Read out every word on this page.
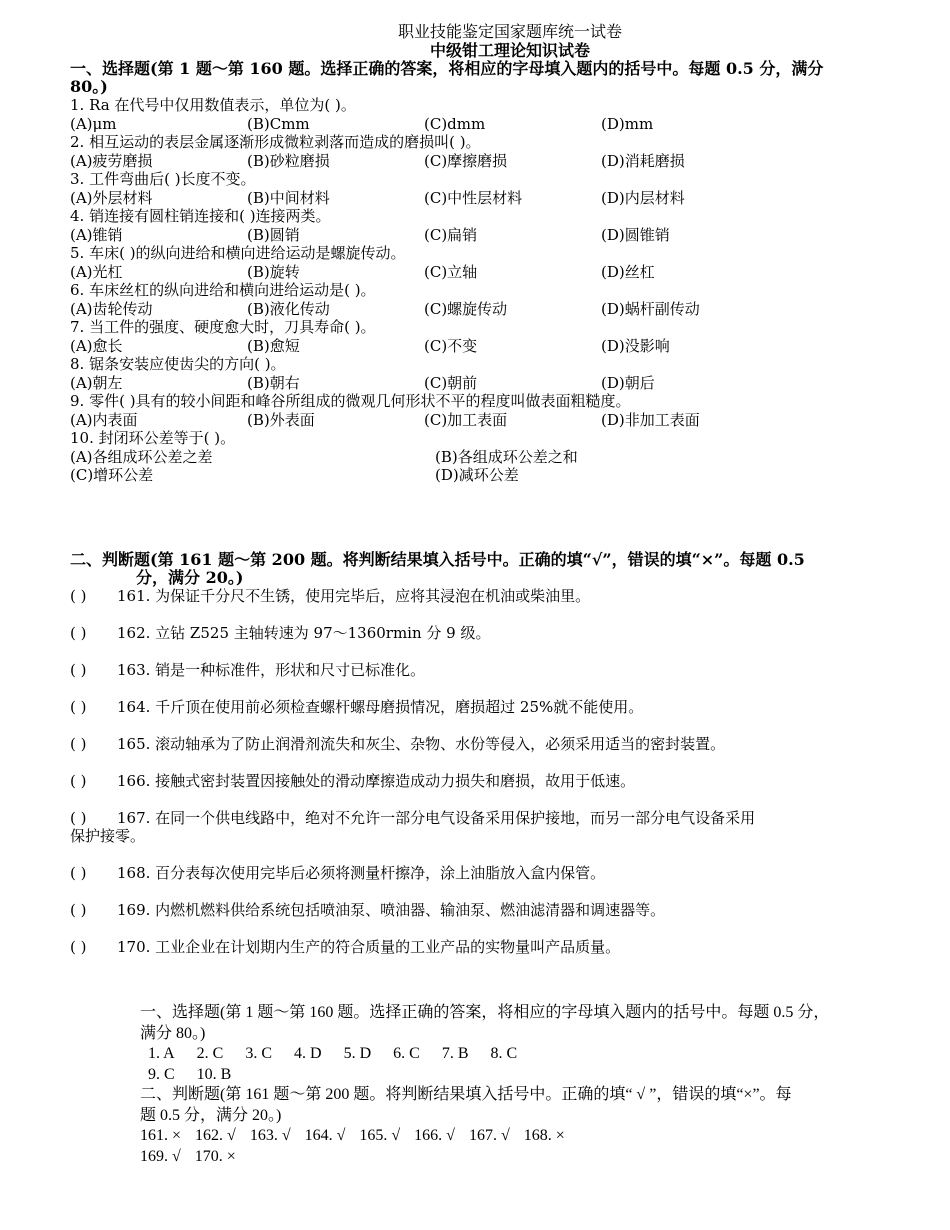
职业技能鉴定国家题库统一试卷
中级钳工理论知识试卷
一、选择题(第 1 题～第 160 题。选择正确的答案，将相应的字母填入题内的括号中。每题 0.5 分，满分
80。)
1. Ra 在代号中仅用数值表示，单位为( )。
(A)μm	(B)Cmm	(C)dmm	(D)mm
2. 相互运动的表层金属逐渐形成微粒剥落而造成的磨损叫( )。
(A)疲劳磨损	(B)砂粒磨损	(C)摩擦磨损	(D)消耗磨损
3. 工件弯曲后( )长度不变。
(A)外层材料	(B)中间材料	(C)中性层材料	(D)内层材料
4. 销连接有圆柱销连接和( )连接两类。
(A)锥销	(B)圆销	(C)扁销	(D)圆锥销
5. 车床( )的纵向进给和横向进给运动是螺旋传动。
(A)光杠	(B)旋转	(C)立轴	(D)丝杠
6. 车床丝杠的纵向进给和横向进给运动是( )。
(A)齿轮传动	(B)液化传动	(C)螺旋传动	(D)蜗杆副传动
7. 当工件的强度、硬度愈大时，刀具寿命( )。
(A)愈长	(B)愈短	(C)不变	(D)没影响
8. 锯条安装应使齿尖的方向( )。
(A)朝左	(B)朝右	(C)朝前	(D)朝后
9. 零件( )具有的较小间距和峰谷所组成的微观几何形状不平的程度叫做表面粗糙度。
(A)内表面	(B)外表面	(C)加工表面	(D)非加工表面
10. 封闭环公差等于( )。
(A)各组成环公差之差	(B)各组成环公差之和
(C)增环公差	(D)减环公差
二、判断题(第 161 题～第 200 题。将判断结果填入括号中。正确的填“√”，错误的填“×”。每题 0.5
分，满分 20。)
( ) 161. 为保证千分尺不生锈，使用完毕后，应将其浸泡在机油或柴油里。
( ) 162. 立钻 Z525 主轴转速为 97～1360rmin 分 9 级。
( ) 163. 销是一种标准件，形状和尺寸已标准化。
( ) 164. 千斤顶在使用前必须检查螺杆螺母磨损情况，磨损超过 25%就不能使用。
( ) 165. 滚动轴承为了防止润滑剂流失和灰尘、杂物、水份等侵入，必须采用适当的密封装置。
( ) 166. 接触式密封装置因接触处的滑动摩擦造成动力损失和磨损，故用于低速。
( ) 167. 在同一个供电线路中，绝对不允许一部分电气设备采用保护接地，而另一部分电气设备采用
保护接零。
( ) 168. 百分表每次使用完毕后必须将测量杆擦净，涂上油脂放入盒内保管。
( ) 169. 内燃机燃料供给系统包括喷油泵、喷油器、输油泵、燃油滤清器和调速器等。
( ) 170. 工业企业在计划期内生产的符合质量的工业产品的实物量叫产品质量。
一、选择题(第 1 题～第 160 题。选择正确的答案，将相应的字母填入题内的括号中。每题 0.5 分，
满分 80。)
1. A 2. C 3. C 4. D 5. D 6. C 7. B 8. C
9. C 10. B
二、判断题(第 161 题～第 200 题。将判断结果填入括号中。正确的填“ √ ”，错误的填“×”。每
题 0.5 分，满分 20。)
161. × 162. √ 163. √ 164. √ 165. √ 166. √ 167. √ 168. ×
169. √ 170. ×
